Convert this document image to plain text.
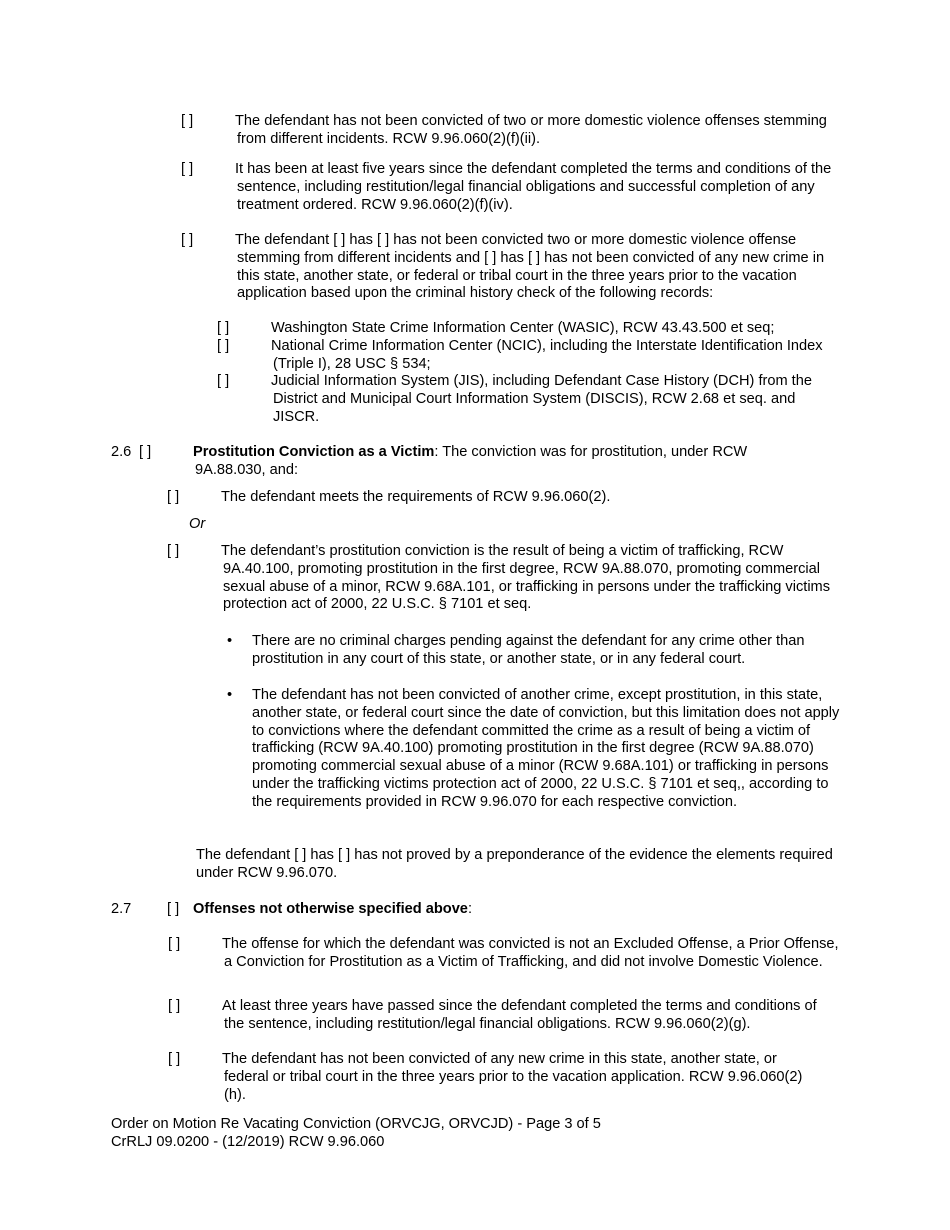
[ ]	The defendant has not been convicted of two or more domestic violence offenses stemming from different incidents. RCW 9.96.060(2)(f)(ii).

[ ]	It has been at least five years since the defendant completed the terms and conditions of the sentence, including restitution/legal financial obligations and successful completion of any treatment ordered. RCW 9.96.060(2)(f)(iv).

[ ]	The defendant [ ] has [ ] has not been convicted two or more domestic violence offense stemming from different incidents and [ ] has [ ] has not been convicted of any new crime in this state, another state, or federal or tribal court in the three years prior to the vacation application based upon the criminal history check of the following records:

[ ]	Washington State Crime Information Center (WASIC), RCW 43.43.500 et seq;

[ ]	National Crime Information Center (NCIC), including the Interstate Identification Index (Triple I), 28 USC § 534;

[ ]	Judicial Information System (JIS), including Defendant Case History (DCH) from the District and Municipal Court Information System (DISCIS), RCW 2.68 et seq. and JISCR.

2.6 [ ]	Prostitution Conviction as a Victim: The conviction was for prostitution, under RCW 9A.88.030, and:

[ ]	The defendant meets the requirements of RCW 9.96.060(2).

Or

[ ]	The defendant’s prostitution conviction is the result of being a victim of trafficking, RCW 9A.40.100, promoting prostitution in the first degree, RCW 9A.88.070, promoting commercial sexual abuse of a minor, RCW 9.68A.101, or trafficking in persons under the trafficking victims protection act of 2000, 22 U.S.C. § 7101 et seq.

• There are no criminal charges pending against the defendant for any crime other than prostitution in any court of this state, or another state, or in any federal court.

• The defendant has not been convicted of another crime, except prostitution, in this state, another state, or federal court since the date of conviction, but this limitation does not apply to convictions where the defendant committed the crime as a result of being a victim of trafficking (RCW 9A.40.100) promoting prostitution in the first degree (RCW 9A.88.070) promoting commercial sexual abuse of a minor (RCW 9.68A.101) or trafficking in persons under the trafficking victims protection act of 2000, 22 U.S.C. § 7101 et seq,, according to the requirements provided in RCW 9.96.070 for each respective conviction.

The defendant [ ] has [ ] has not proved by a preponderance of the evidence the elements required under RCW 9.96.070.

2.7 [ ] Offenses not otherwise specified above:

[ ]	The offense for which the defendant was convicted is not an Excluded Offense, a Prior Offense, a Conviction for Prostitution as a Victim of Trafficking, and did not involve Domestic Violence.

[ ]	At least three years have passed since the defendant completed the terms and conditions of the sentence, including restitution/legal financial obligations. RCW 9.96.060(2)(g).

[ ]	The defendant has not been convicted of any new crime in this state, another state, or federal or tribal court in the three years prior to the vacation application. RCW 9.96.060(2)(h).

Order on Motion Re Vacating Conviction (ORVCJG, ORVCJD) - Page 3 of 5
CrRLJ 09.0200 - (12/2019) RCW 9.96.060
